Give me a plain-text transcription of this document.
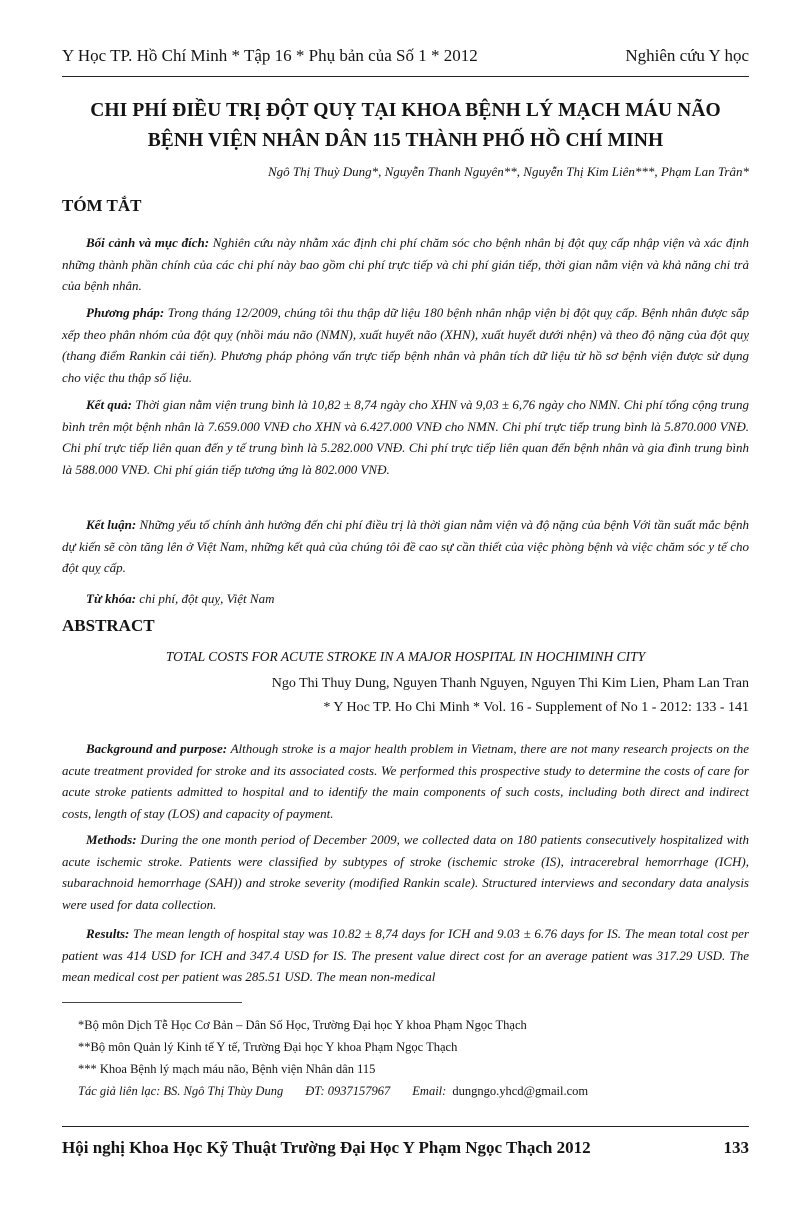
Y Học TP. Hồ Chí Minh * Tập 16 * Phụ bản của Số 1 * 2012	Nghiên cứu Y học
CHI PHÍ ĐIỀU TRỊ ĐỘT QUỴ TẠI KHOA BỆNH LÝ MẠCH MÁU NÃO
BỆNH VIỆN NHÂN DÂN 115 THÀNH PHỐ HỒ CHÍ MINH
Ngô Thị Thuỳ Dung*, Nguyễn Thanh Nguyên**, Nguyễn Thị Kim Liên***, Phạm Lan Trân*
TÓM TẮT

Bối cảnh và mục đích: Nghiên cứu này nhằm xác định chi phí chăm sóc cho bệnh nhân bị đột quỵ cấp nhập viện và xác định những thành phần chính của các chi phí này bao gồm chi phí trực tiếp và chi phí gián tiếp, thời gian nằm viện và khả năng chi trả của bệnh nhân.

Phương pháp: Trong tháng 12/2009, chúng tôi thu thập dữ liệu 180 bệnh nhân nhập viện bị đột quỵ cấp. Bệnh nhân được sắp xếp theo phân nhóm của đột quỵ (nhồi máu não (NMN), xuất huyết não (XHN), xuất huyết dưới nhện) và theo độ nặng của đột quỵ (thang điểm Rankin cải tiến). Phương pháp phỏng vấn trực tiếp bệnh nhân và phân tích dữ liệu từ hồ sơ bệnh viện được sử dụng cho việc thu thập số liệu.

Kết quả: Thời gian nằm viện trung bình là 10,82 ± 8,74 ngày cho XHN và 9,03 ± 6,76 ngày cho NMN. Chi phí tổng cộng trung bình trên một bệnh nhân là 7.659.000 VNĐ cho XHN và 6.427.000 VNĐ cho NMN. Chi phí trực tiếp trung bình là 5.870.000 VNĐ. Chi phí trực tiếp liên quan đến y tế trung bình là 5.282.000 VNĐ. Chi phí trực tiếp liên quan đến bệnh nhân và gia đình trung bình là 588.000 VNĐ. Chi phí gián tiếp tương ứng là 802.000 VNĐ.

Kết luận: Những yếu tố chính ảnh hưởng đến chi phí điều trị là thời gian nằm viện và độ nặng của bệnh Với tần suất mắc bệnh dự kiến sẽ còn tăng lên ở Việt Nam, những kết quả của chúng tôi đề cao sự cần thiết của việc phòng bệnh và việc chăm sóc y tế cho đột quỵ cấp.

Từ khóa: chi phí, đột quỵ, Việt Nam

ABSTRACT
TOTAL COSTS FOR ACUTE STROKE IN A MAJOR HOSPITAL IN HOCHIMINH CITY
Ngo Thi Thuy Dung, Nguyen Thanh Nguyen, Nguyen Thi Kim Lien, Pham Lan Tran
* Y Hoc TP. Ho Chi Minh * Vol. 16 - Supplement of No 1 - 2012: 133 - 141

Background and purpose: Although stroke is a major health problem in Vietnam, there are not many research projects on the acute treatment provided for stroke and its associated costs. We performed this prospective study to determine the costs of care for acute stroke patients admitted to hospital and to identify the main components of such costs, including both direct and indirect costs, length of stay (LOS) and capacity of payment.

Methods: During the one month period of December 2009, we collected data on 180 patients consecutively hospitalized with acute ischemic stroke. Patients were classified by subtypes of stroke (ischemic stroke (IS), intracerebral hemorrhage (ICH), subarachnoid hemorrhage (SAH)) and stroke severity (modified Rankin scale). Structured interviews and secondary data analysis were used for data collection.

Results: The mean length of hospital stay was 10.82 ± 8,74 days for ICH and 9.03 ± 6.76 days for IS. The mean total cost per patient was 414 USD for ICH and 347.4 USD for IS. The present value direct cost for an average patient was 317.29 USD. The mean medical cost per patient was 285.51 USD. The mean non-medical

*Bộ môn Dịch Tễ Học Cơ Bản – Dân Số Học, Trường Đại học Y khoa Phạm Ngọc Thạch
**Bộ môn Quản lý Kinh tế Y tế, Trường Đại học Y khoa Phạm Ngọc Thạch
*** Khoa Bệnh lý mạch máu não, Bệnh viện Nhân dân 115
Tác giả liên lạc: BS. Ngô Thị Thùy Dung ĐT: 0937157967 Email: dungngo.yhcd@gmail.com
Hội nghị Khoa Học Kỹ Thuật Trường Đại Học Y Phạm Ngọc Thạch 2012	133
